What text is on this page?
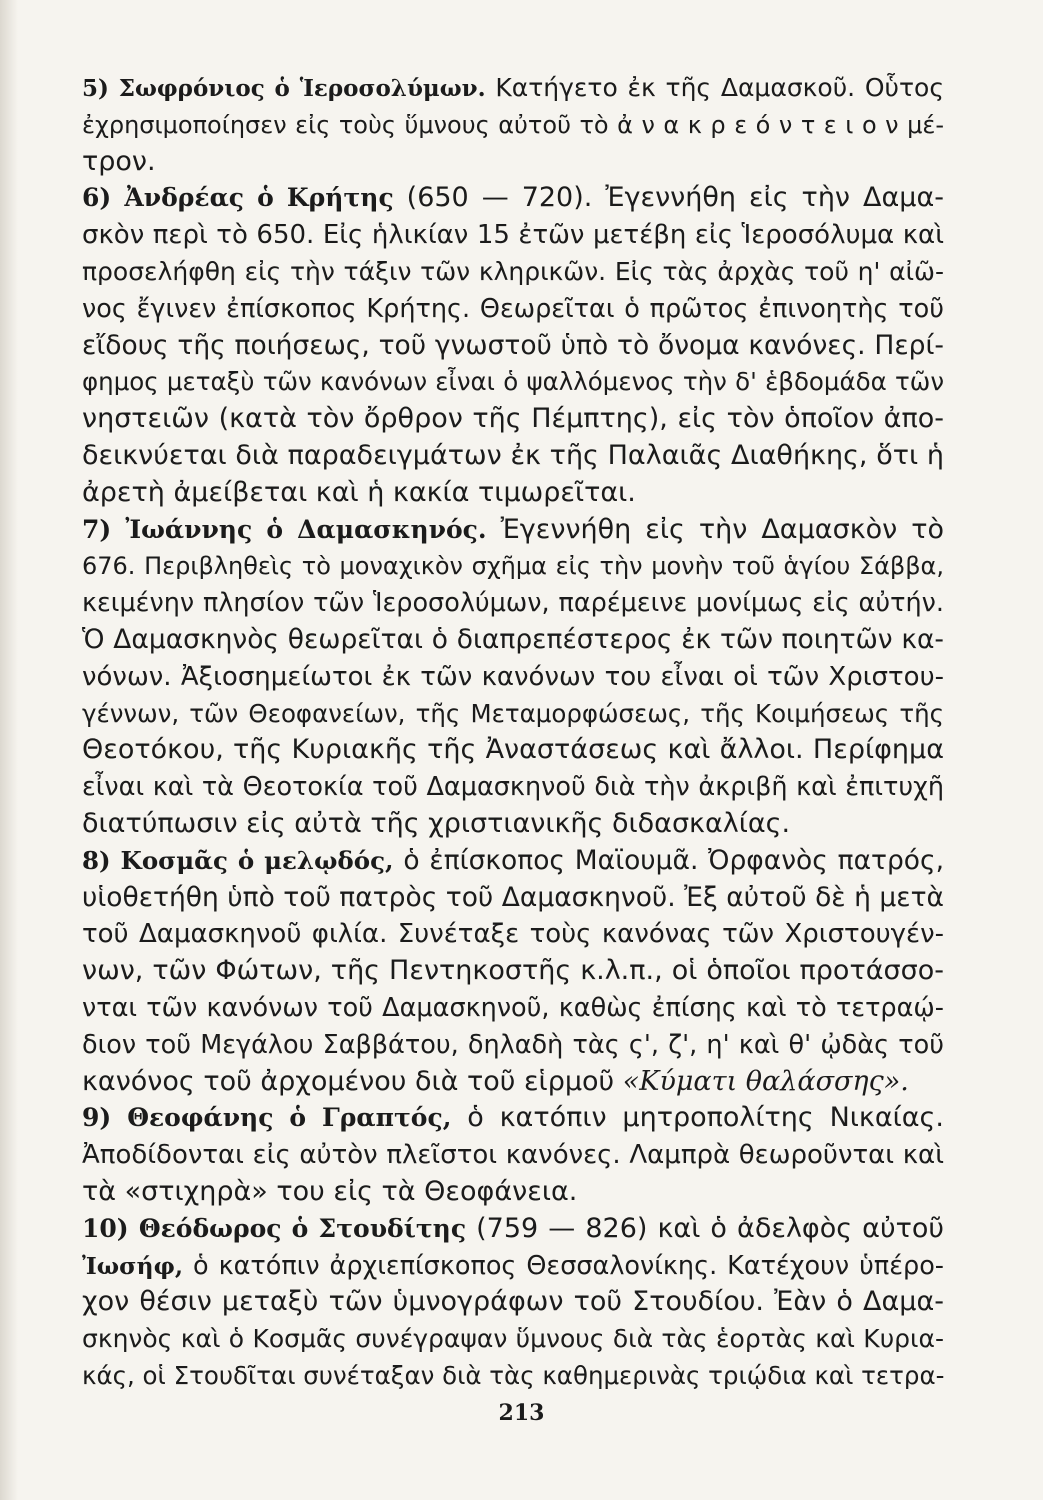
5) Σωφρόνιος ὁ Ἱεροσολύμων. Κατήγετο ἐκ τῆς Δαμασκοῦ. Οὗτος
ἐχρησιμοποίησεν εἰς τοὺς ὕμνους αὐτοῦ τὸ ἀ ν α κ ρ ε ό ν τ ε ι ο ν μέ-
τρον.
6) Ἀνδρέας ὁ Κρήτης (650 — 720). Ἐγεννήθη εἰς τὴν Δαμα-
σκὸν περὶ τὸ 650. Εἰς ἡλικίαν 15 ἐτῶν μετέβη εἰς Ἱεροσόλυμα καὶ
προσελήφθη εἰς τὴν τάξιν τῶν κληρικῶν. Εἰς τὰς ἀρχὰς τοῦ η' αἰῶ-
νος ἔγινεν ἐπίσκοπος Κρήτης. Θεωρεῖται ὁ πρῶτος ἐπινοητὴς τοῦ
εἴδους τῆς ποιήσεως, τοῦ γνωστοῦ ὑπὸ τὸ ὄνομα κανόνες. Περί-
φημος μεταξὺ τῶν κανόνων εἶναι ὁ ψαλλόμενος τὴν δ' ἑβδομάδα τῶν
νηστειῶν (κατὰ τὸν ὄρθρον τῆς Πέμπτης), εἰς τὸν ὁποῖον ἀπο-
δεικνύεται διὰ παραδειγμάτων ἐκ τῆς Παλαιᾶς Διαθήκης, ὅτι ἡ
ἀρετὴ ἀμείβεται καὶ ἡ κακία τιμωρεῖται.
7) Ἰωάννης ὁ Δαμασκηνός. Ἐγεννήθη εἰς τὴν Δαμασκὸν τὸ
676. Περιβληθεὶς τὸ μοναχικὸν σχῆμα εἰς τὴν μονὴν τοῦ ἁγίου Σάββα,
κειμένην πλησίον τῶν Ἱεροσολύμων, παρέμεινε μονίμως εἰς αὐτήν.
Ὁ Δαμασκηνὸς θεωρεῖται ὁ διαπρεπέστερος ἐκ τῶν ποιητῶν κα-
νόνων. Ἀξιοσημείωτοι ἐκ τῶν κανόνων του εἶναι οἱ τῶν Χριστου-
γέννων, τῶν Θεοφανείων, τῆς Μεταμορφώσεως, τῆς Κοιμήσεως τῆς
Θεοτόκου, τῆς Κυριακῆς τῆς Ἀναστάσεως καὶ ἄλλοι. Περίφημα
εἶναι καὶ τὰ Θεοτοκία τοῦ Δαμασκηνοῦ διὰ τὴν ἀκριβῆ καὶ ἐπιτυχῆ
διατύπωσιν εἰς αὐτὰ τῆς χριστιανικῆς διδασκαλίας.
8) Κοσμᾶς ὁ μελῳδός, ὁ ἐπίσκοπος Μαϊουμᾶ. Ὀρφανὸς πατρός,
υἱοθετήθη ὑπὸ τοῦ πατρὸς τοῦ Δαμασκηνοῦ. Ἐξ αὐτοῦ δὲ ἡ μετὰ
τοῦ Δαμασκηνοῦ φιλία. Συνέταξε τοὺς κανόνας τῶν Χριστουγέν-
νων, τῶν Φώτων, τῆς Πεντηκοστῆς κ.λ.π., οἱ ὁποῖοι προτάσσο-
νται τῶν κανόνων τοῦ Δαμασκηνοῦ, καθὼς ἐπίσης καὶ τὸ τετραῴ-
διον τοῦ Μεγάλου Σαββάτου, δηλαδὴ τὰς ς', ζ', η' καὶ θ' ᾠδὰς τοῦ
κανόνος τοῦ ἀρχομένου διὰ τοῦ εἱρμοῦ «Κύματι θαλάσσης».
9) Θεοφάνης ὁ Γραπτός, ὁ κατόπιν μητροπολίτης Νικαίας.
Ἀποδίδονται εἰς αὐτὸν πλεῖστοι κανόνες. Λαμπρὰ θεωροῦνται καὶ
τὰ «στιχηρὰ» του εἰς τὰ Θεοφάνεια.
10) Θεόδωρος ὁ Στουδίτης (759 — 826) καὶ ὁ ἀδελφὸς αὐτοῦ
Ἰωσήφ, ὁ κατόπιν ἀρχιεπίσκοπος Θεσσαλονίκης. Κατέχουν ὑπέρο-
χον θέσιν μεταξὺ τῶν ὑμνογράφων τοῦ Στουδίου. Ἐὰν ὁ Δαμα-
σκηνὸς καὶ ὁ Κοσμᾶς συνέγραψαν ὕμνους διὰ τὰς ἑορτὰς καὶ Κυρια-
κάς, οἱ Στουδῖται συνέταξαν διὰ τὰς καθημερινὰς τριῴδια καὶ τετρα-
213
